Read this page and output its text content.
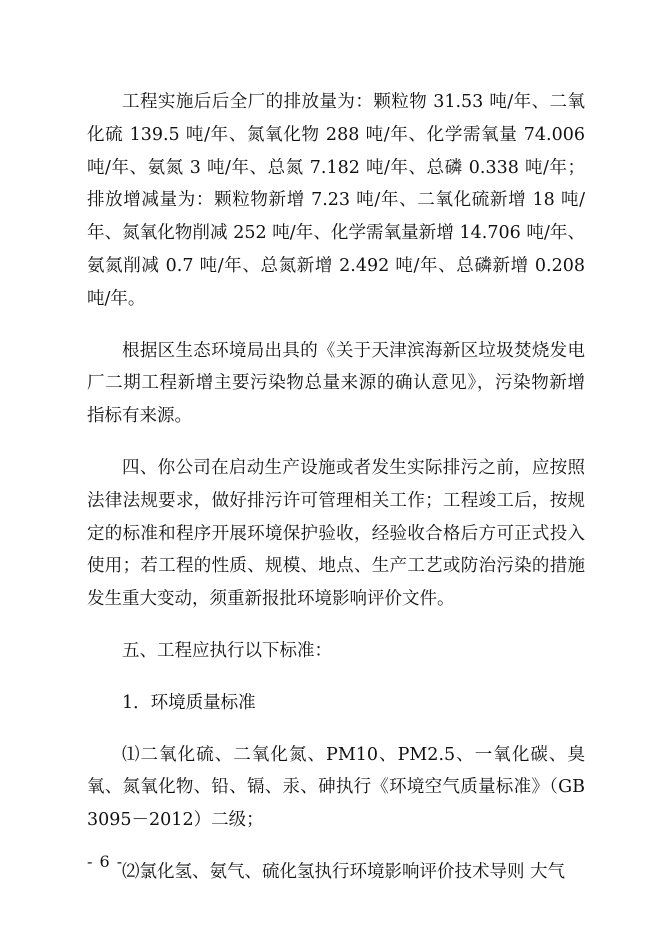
工程实施后后全厂的排放量为：颗粒物 31.53 吨/年、二氧化硫 139.5 吨/年、氮氧化物 288 吨/年、化学需氧量 74.006 吨/年、氨氮 3 吨/年、总氮 7.182 吨/年、总磷 0.338 吨/年；排放增减量为：颗粒物新增 7.23 吨/年、二氧化硫新增 18 吨/年、氮氧化物削减 252 吨/年、化学需氧量新增 14.706 吨/年、氨氮削减 0.7 吨/年、总氮新增 2.492 吨/年、总磷新增 0.208 吨/年。

根据区生态环境局出具的《关于天津滨海新区垃圾焚烧发电厂二期工程新增主要污染物总量来源的确认意见》，污染物新增指标有来源。

四、你公司在启动生产设施或者发生实际排污之前，应按照法律法规要求，做好排污许可管理相关工作；工程竣工后，按规定的标准和程序开展环境保护验收，经验收合格后方可正式投入使用；若工程的性质、规模、地点、生产工艺或防治污染的措施发生重大变动，须重新报批环境影响评价文件。

五、工程应执行以下标准：

1．环境质量标准

⑴二氧化硫、二氧化氮、PM10、PM2.5、一氧化碳、臭氧、氮氧化物、铅、镉、汞、砷执行《环境空气质量标准》（GB3095－2012）二级；

⑵氯化氢、氨气、硫化氢执行环境影响评价技术导则 大气

- 6 -
